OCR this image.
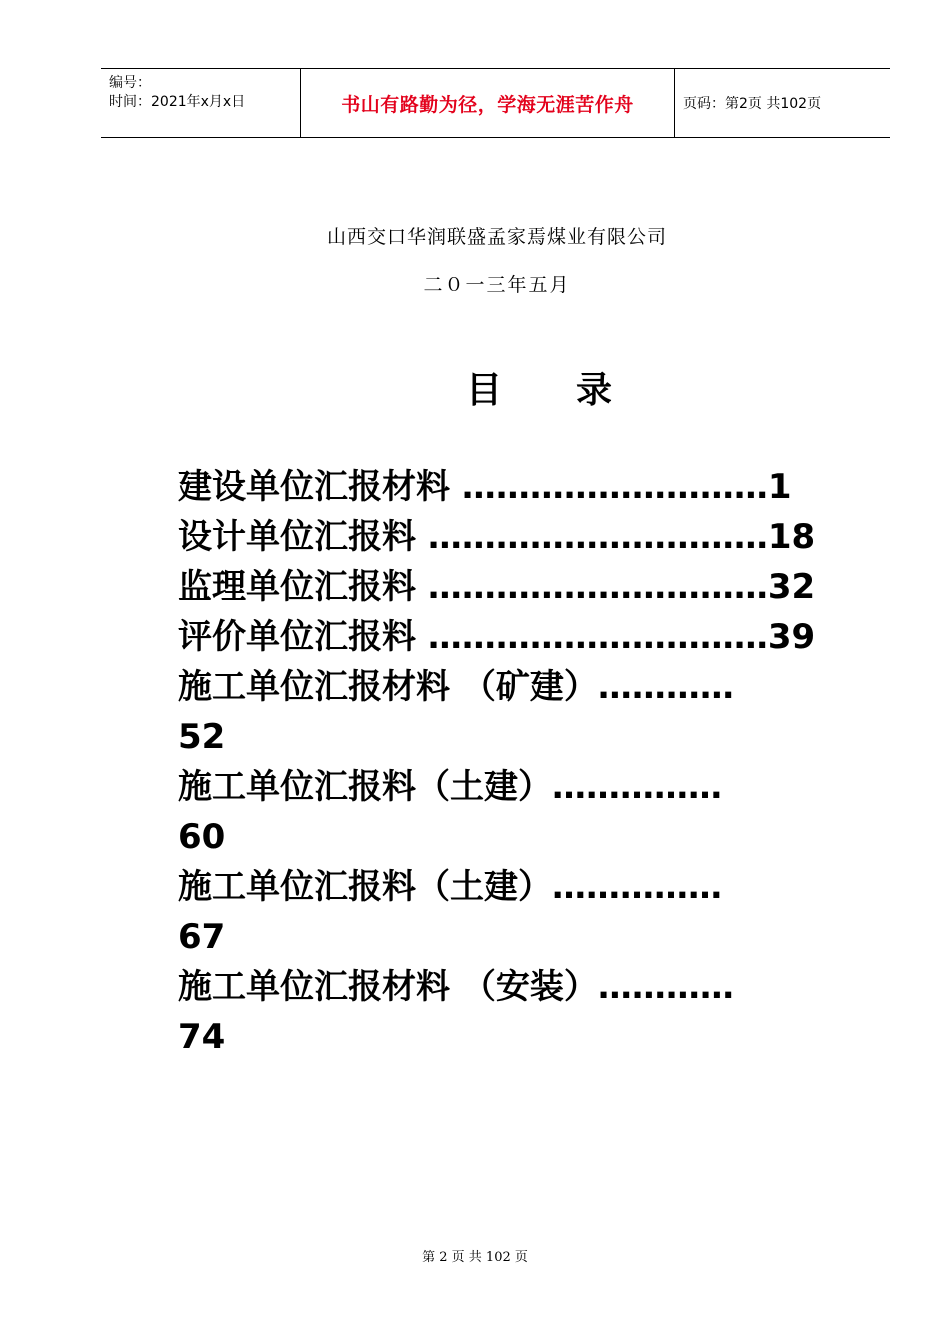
编号：
时间：2021年x月x日	书山有路勤为径，学海无涯苦作舟	页码：第2页 共102页
山西交口华润联盛孟家焉煤业有限公司
二０一三年五月
目 录
建设单位汇报材料 ………………………1
设计单位汇报料 …………………………18
监理单位汇报料 …………………………32
评价单位汇报料 …………………………39
施工单位汇报材料 （矿建）…………
52
施工单位汇报料（土建）……………
60
施工单位汇报料（土建）……………
67
施工单位汇报材料 （安装）…………
74
第 2 页 共 102 页
